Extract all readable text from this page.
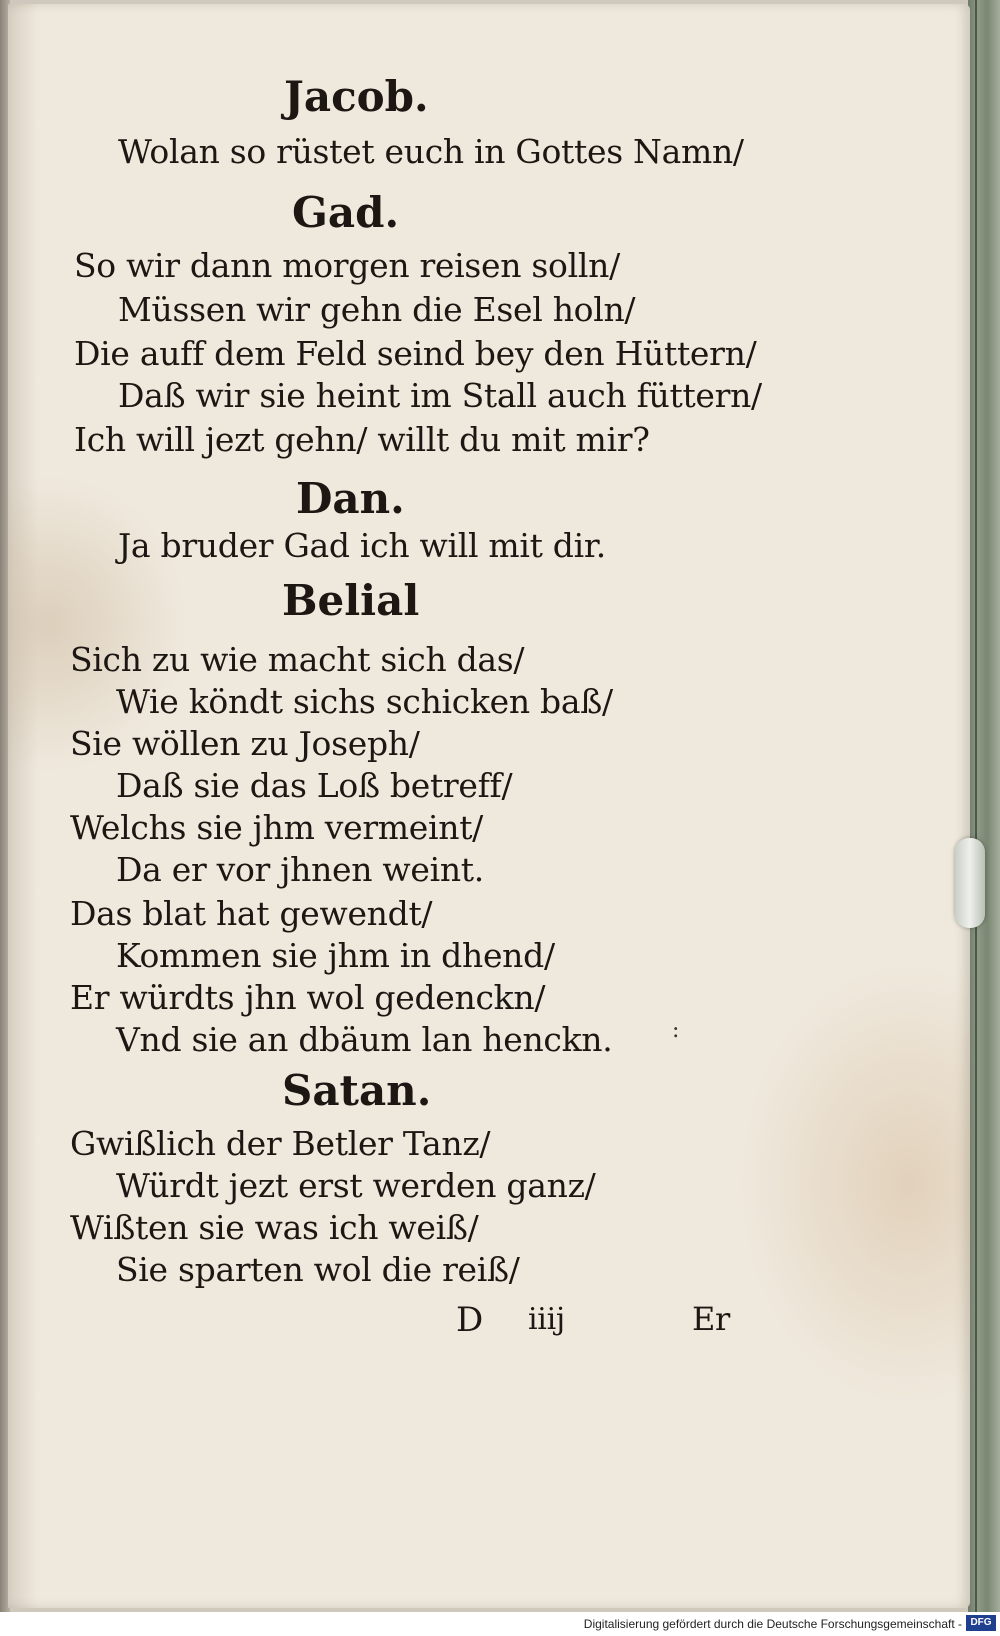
Jacob.
Wolan so rüstet euch in Gottes Namn/
Gad.
So wir dann morgen reisen solln/
Müssen wir gehn die Esel holn/
Die auff dem Feld seind bey den Hüttern/
Daß wir sie heint im Stall auch füttern/
Ich will jezt gehn/ willt du mit mir?
Dan.
Ja bruder Gad ich will mit dir.
Belial
Sich zu wie macht sich das/
Wie köndt sichs schicken baß/
Sie wöllen zu Joseph/
Daß sie das Loß betreff/
Welchs sie jhm vermeint/
Da er vor jhnen weint.
Das blat hat gewendt/
Kommen sie jhm in dhend/
Er würdts jhn wol gedenckn/
Vnd sie an dbäum lan henckn.	:
Satan.
Gwißlich der Betler Tanz/
Würdt jezt erst werden ganz/
Wißten sie was ich weiß/
Sie sparten wol die reiß/
D iiij	Er
Digitalisierung gefördert durch die Deutsche Forschungsgemeinschaft - DFG
